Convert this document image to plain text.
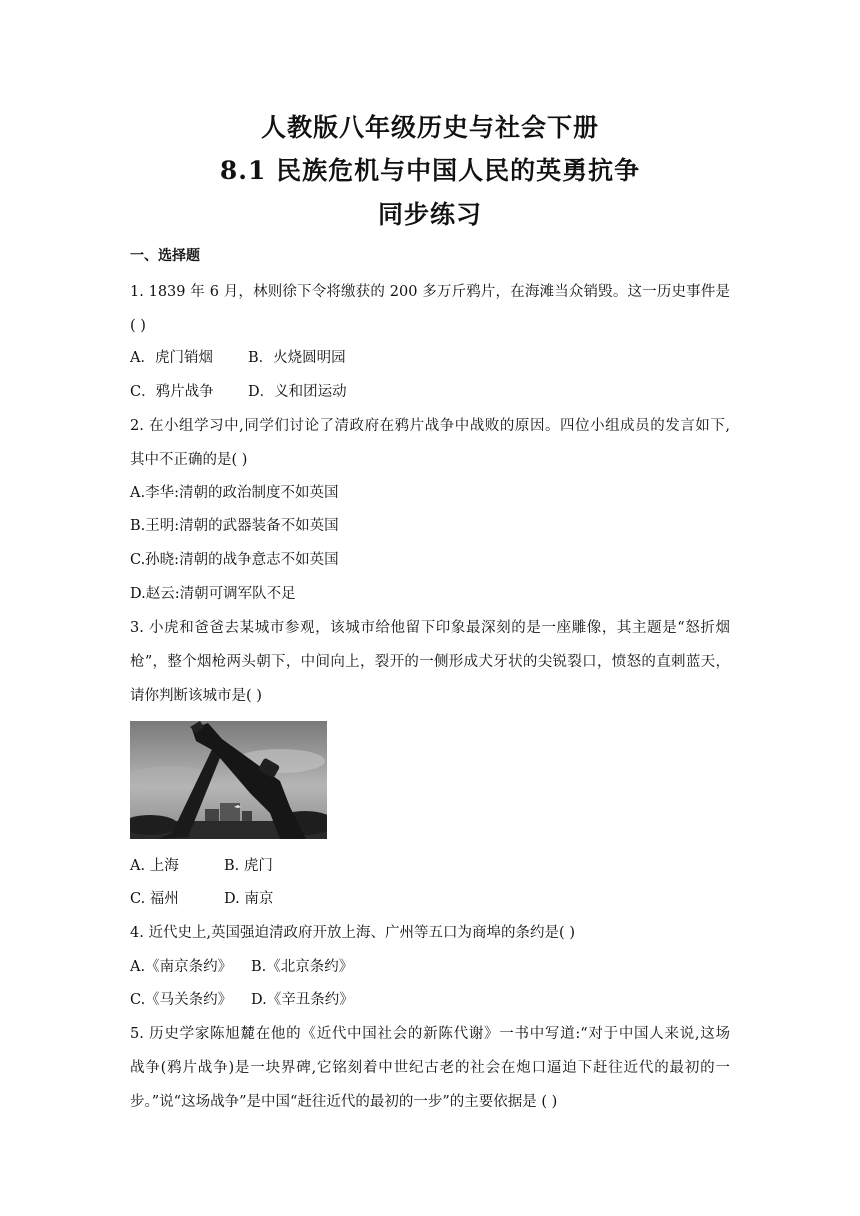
人教版八年级历史与社会下册
8.1 民族危机与中国人民的英勇抗争
同步练习
一、选择题
1. 1839 年 6 月，林则徐下令将缴获的 200 多万斤鸦片，在海滩当众销毁。这一历史事件是
( )
A．虎门销烟 B．火烧圆明园
C．鸦片战争 D．义和团运动
2. 在小组学习中,同学们讨论了清政府在鸦片战争中战败的原因。四位小组成员的发言如下,
其中不正确的是( )
A.李华:清朝的政治制度不如英国
B.王明:清朝的武器装备不如英国
C.孙晓:清朝的战争意志不如英国
D.赵云:清朝可调军队不足
3. 小虎和爸爸去某城市参观，该城市给他留下印象最深刻的是一座雕像，其主题是“怒折烟
枪”，整个烟枪两头朝下，中间向上，裂开的一侧形成犬牙状的尖锐裂口，愤怒的直刺蓝天，
请你判断该城市是( )
A. 上海	B. 虎门
C. 福州	D. 南京
4. 近代史上,英国强迫清政府开放上海、广州等五口为商埠的条约是( )
A.《南京条约》 B.《北京条约》
C.《马关条约》 D.《辛丑条约》
5. 历史学家陈旭麓在他的《近代中国社会的新陈代谢》一书中写道:“对于中国人来说,这场
战争(鸦片战争)是一块界碑,它铭刻着中世纪古老的社会在炮口逼迫下赶往近代的最初的一
步。”说“这场战争”是中国“赶往近代的最初的一步”的主要依据是 ( )
